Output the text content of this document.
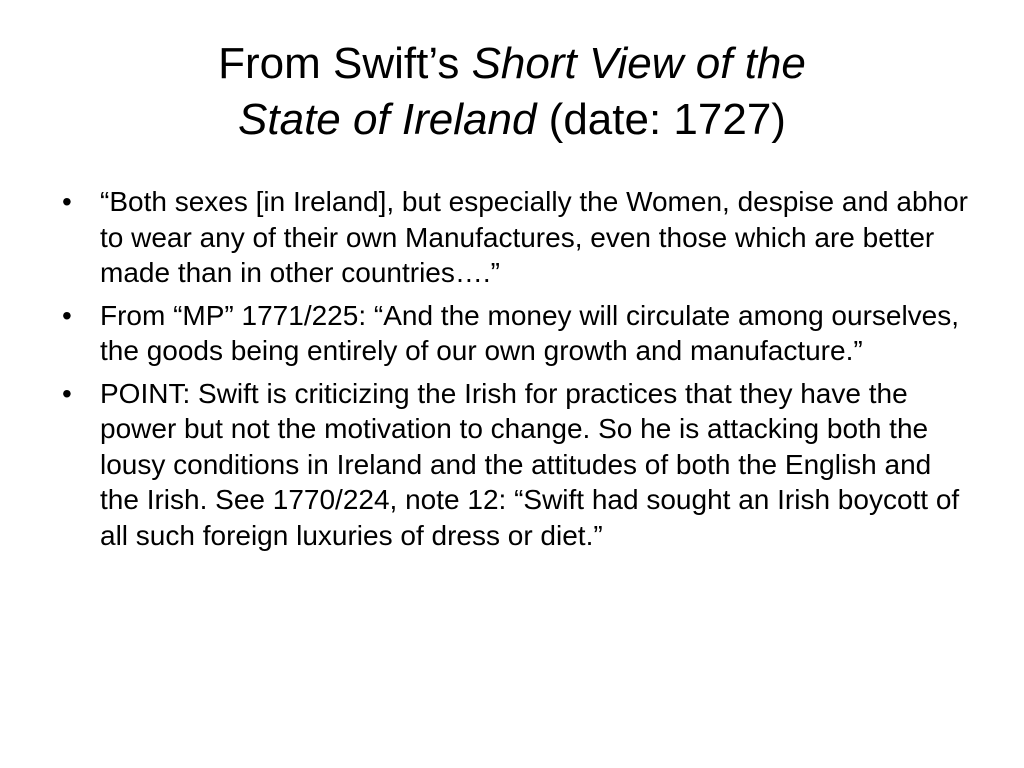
From Swift’s Short View of the
State of Ireland (date: 1727)
• “Both sexes [in Ireland], but especially the Women, despise and abhor to wear any of their own Manufactures, even those which are better made than in other countries….”
• From “MP” 1771/225: “And the money will circulate among ourselves, the goods being entirely of our own growth and manufacture.”
• POINT: Swift is criticizing the Irish for practices that they have the power but not the motivation to change. So he is attacking both the lousy conditions in Ireland and the attitudes of both the English and the Irish. See 1770/224, note 12: “Swift had sought an Irish boycott of all such foreign luxuries of dress or diet.”
